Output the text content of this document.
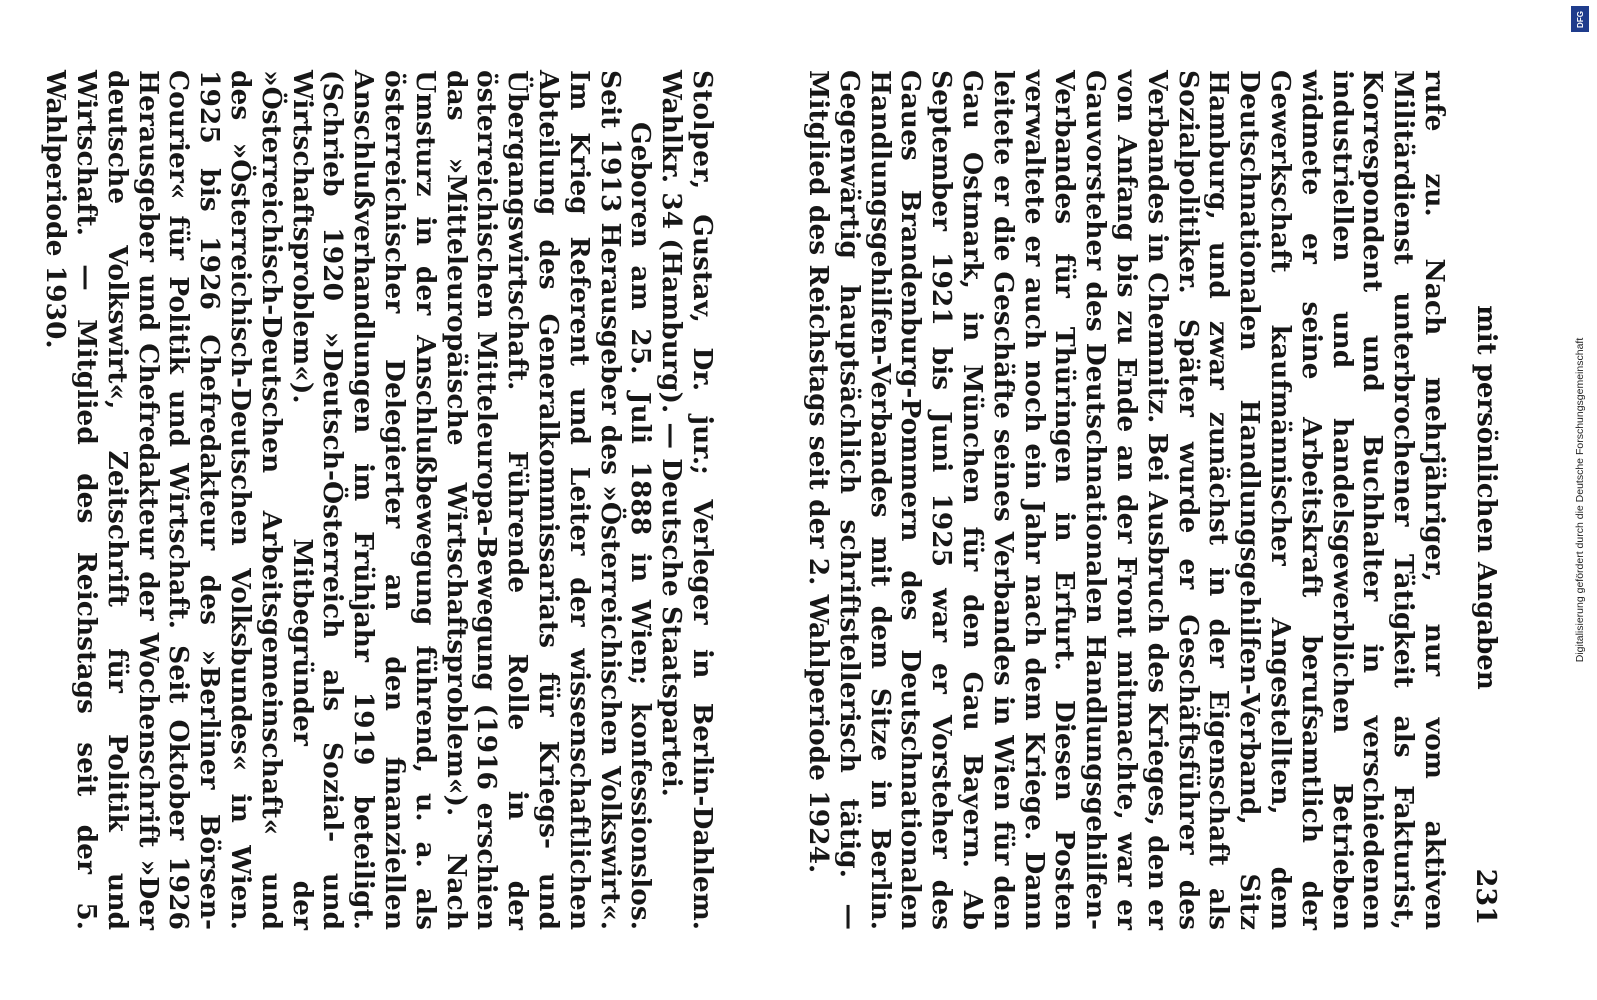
mit persönlichen Angaben
231

rufe zu. Nach mehrjähriger, nur vom aktiven Militärdienst unterbrochener Tätigkeit als Fakturist, Korrespondent und Buchhalter in verschiedenen industriellen und handelsgewerblichen Betrieben widmete er seine Arbeitskraft berufsamtlich der Gewerkschaft kaufmännischer Angestellten, dem Deutschnationalen Handlungsgehilfen-Verband, Sitz Hamburg, und zwar zunächst in der Eigenschaft als Sozialpolitiker. Später wurde er Geschäftsführer des Verbandes in Chemnitz. Bei Ausbruch des Krieges, den er von Anfang bis zu Ende an der Front mitmachte, war er Gauvorsteher des Deutschnationalen Handlungsgehilfen-Verbandes für Thüringen in Erfurt. Diesen Posten verwaltete er auch noch ein Jahr nach dem Kriege. Dann leitete er die Geschäfte seines Verbandes in Wien für den Gau Ostmark, in München für den Gau Bayern. Ab September 1921 bis Juni 1925 war er Vorsteher des Gaues Brandenburg-Pommern des Deutschnationalen Handlungsgehilfen-Verbandes mit dem Sitze in Berlin. Gegenwärtig hauptsächlich schriftstellerisch tätig. — Mitglied des Reichstags seit der 2. Wahlperiode 1924.

Stolper, Gustav, Dr. jur.; Verleger in Berlin-Dahlem. Wahlkr. 34 (Hamburg). — Deutsche Staatspartei.

Geboren am 25. Juli 1888 in Wien; konfessionslos. Seit 1913 Herausgeber des »Österreichischen Volkswirt«. Im Krieg Referent und Leiter der wissenschaftlichen Abteilung des Generalkommissariats für Kriegs- und Übergangswirtschaft. Führende Rolle in der österreichischen Mitteleuropa-Bewegung (1916 erschien das »Mitteleuropäische Wirtschaftsproblem«). Nach Umsturz in der Anschlußbewegung führend, u. a. als österreichischer Delegierter an den finanziellen Anschlußverhandlungen im Frühjahr 1919 beteiligt. (Schrieb 1920 »Deutsch-Österreich als Sozial- und Wirtschaftsproblem«). Mitbegründer der »Österreichisch-Deutschen Arbeitsgemeinschaft« und des »Österreichisch-Deutschen Volksbundes« in Wien. 1925 bis 1926 Chefredakteur des »Berliner Börsen-Courier« für Politik und Wirtschaft. Seit Oktober 1926 Herausgeber und Chefredakteur der Wochenschrift »Der deutsche Volkswirt«, Zeitschrift für Politik und Wirtschaft. — Mitglied des Reichstags seit der 5. Wahlperiode 1930.

DFG
Digitalisierung gefördert durch die Deutsche Forschungsgemeinschaft
